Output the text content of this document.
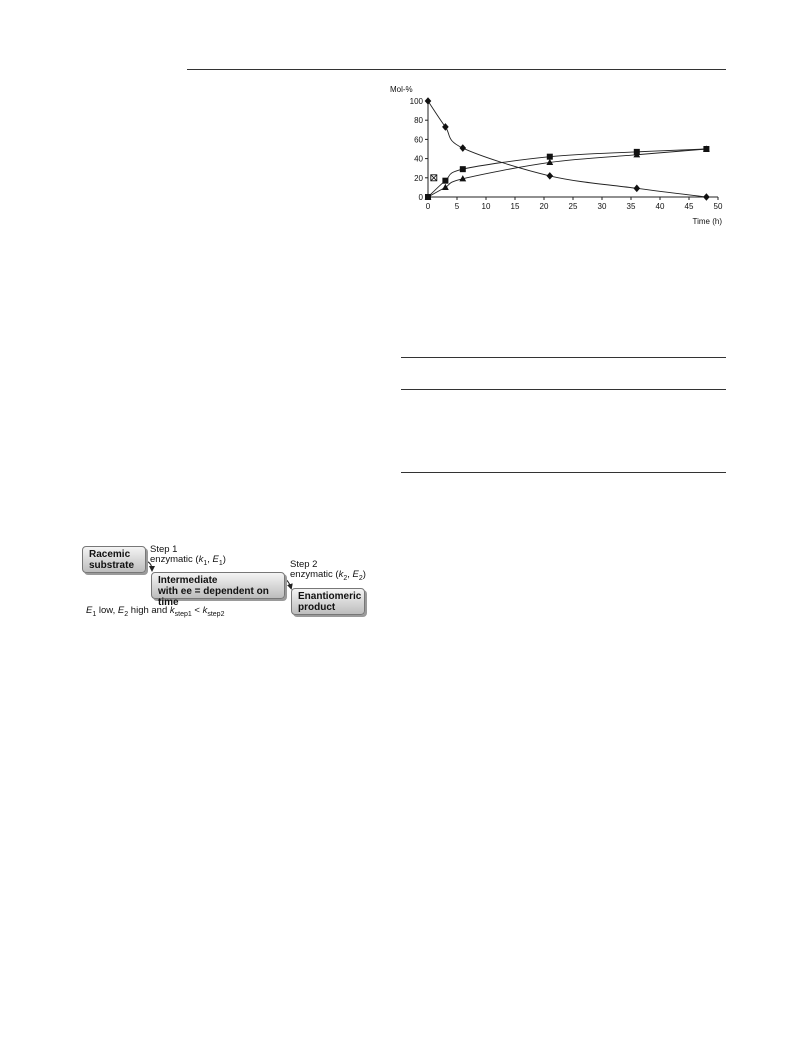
Mol-%
Time (h)
0
20
40
60
80
100
0	5	10	15	20	25	30	35	40	45	50
Racemic
substrate
Step 1
enzymatic ($k_1$, $E_1$)
Intermediate
with ee = dependent on time
Step 2
enzymatic ($k_2$, $E_2$)
Enantiomeric
product
$E_1$ low, $E_2$ high and $k_{step1} < k_{step2}$
